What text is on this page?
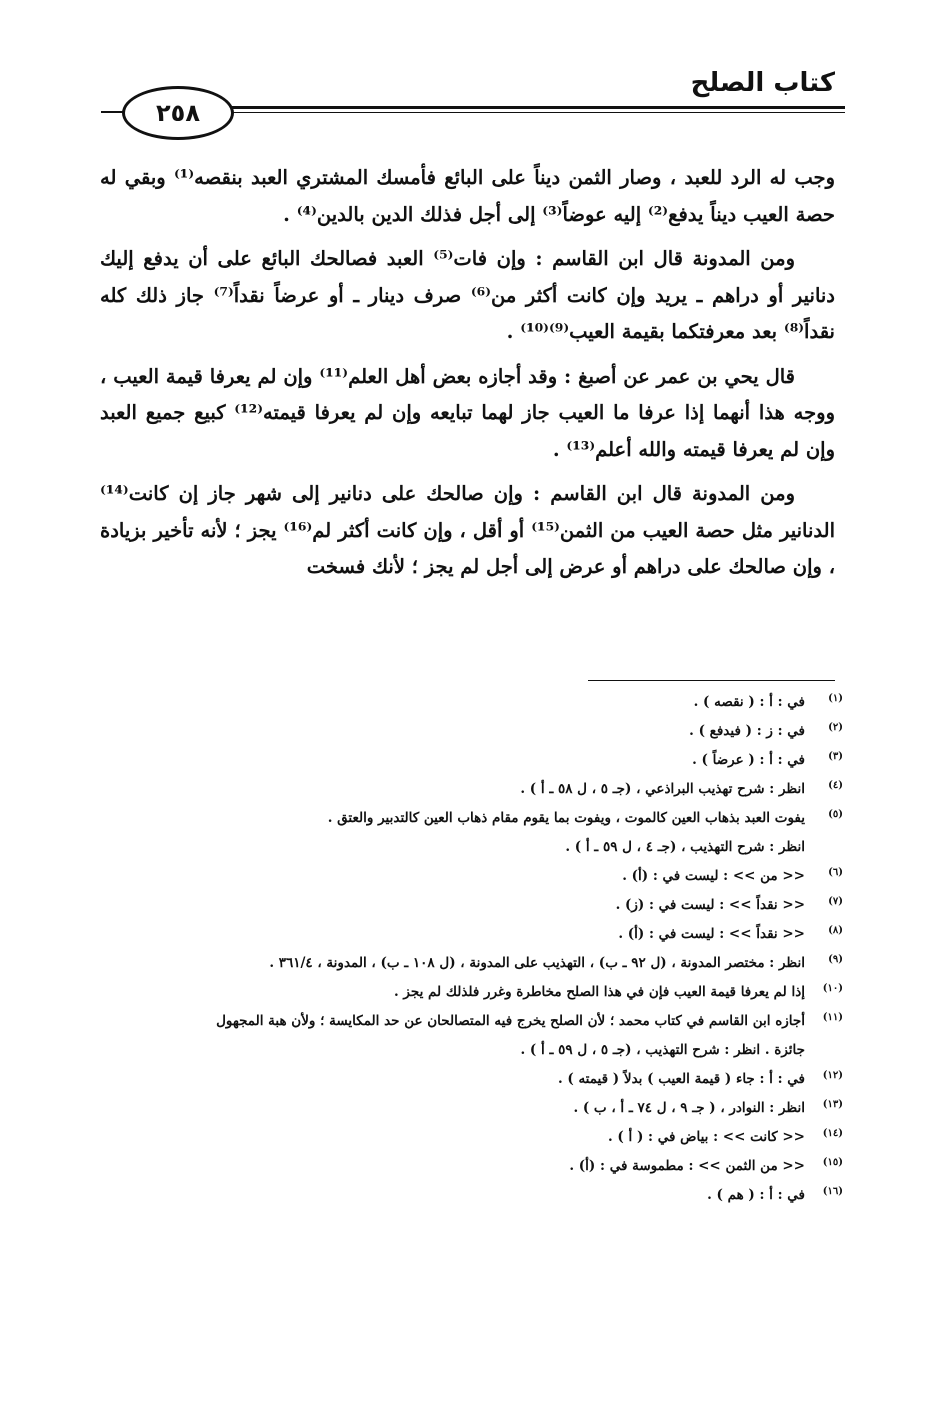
كتاب الصلح
٢٥٨

وجب له الرد للعبد ، وصار الثمن ديناً على البائع فأمسك المشتري العبد بنقصه⁽¹⁾ وبقي له حصة العيب ديناً يدفع⁽²⁾ إليه عوضاً⁽³⁾ إلى أجل فذلك الدين بالدين⁽⁴⁾ .

ومن المدونة قال ابن القاسم : وإن فات⁽⁵⁾ العبد فصالحك البائع على أن يدفع إليك دنانير أو دراهم ـ يريد وإن كانت أكثر من⁽⁶⁾ صرف دينار ـ أو عرضاً نقداً⁽⁷⁾ جاز ذلك كله نقداً⁽⁸⁾ بعد معرفتكما بقيمة العيب⁽⁹⁾⁽¹⁰⁾ .

قال يحي بن عمر عن أصبغ : وقد أجازه بعض أهل العلم⁽¹¹⁾ وإن لم يعرفا قيمة العيب ، ووجه هذا أنهما إذا عرفا ما العيب جاز لهما تبايعه وإن لم يعرفا قيمته⁽¹²⁾ كبيع جميع العبد وإن لم يعرفا قيمته والله أعلم⁽¹³⁾ .

ومن المدونة قال ابن القاسم : وإن صالحك على دنانير إلى شهر جاز إن كانت⁽¹⁴⁾ الدنانير مثل حصة العيب من الثمن⁽¹⁵⁾ أو أقل ، وإن كانت أكثر لم⁽¹⁶⁾ يجز ؛ لأنه تأخير بزيادة ، وإن صالحك على دراهم أو عرض إلى أجل لم يجز ؛ لأنك فسخت

(١)
في : أ : ( نقصه ) .
(٢)
في : ز : ( فيدفع ) .
(٣)
في : أ : ( عرضاً ) .
(٤)
انظر : شرح تهذيب البراذعي ، (جـ ٥ ، ل ٥٨ ـ أ ) .
(٥)
يفوت العبد بذهاب العين كالموت ، ويفوت بما يقوم مقام ذهاب العين كالتدبير والعتق .
انظر : شرح التهذيب ، (جـ ٤ ، ل ٥٩ ـ أ ) .
(٦)
<< من >> : ليست في : (أ) .
(٧)
<< نقداً >> : ليست في : (ز) .
(٨)
<< نقداً >> : ليست في : (أ) .
(٩)
انظر : مختصر المدونة ، (ل ٩٢ ـ ب) ، التهذيب على المدونة ، (ل ١٠٨ ـ ب) ، المدونة ، ٣٦١/٤ .
(١٠)
إذا لم يعرفا قيمة العيب فإن في هذا الصلح مخاطرة وغرر فلذلك لم يجز .
(١١)
أجازه ابن القاسم في كتاب محمد ؛ لأن الصلح يخرج فيه المتصالحان عن حد المكايسة ؛ ولأن هبة المجهول
جائزة . انظر : شرح التهذيب ، (جـ ٥ ، ل ٥٩ ـ أ ) .
(١٢)
في : أ : جاء ( قيمة العيب ) بدلاً ( قيمته ) .
(١٣)
انظر : النوادر ، ( جـ ٩ ، ل ٧٤ ـ أ ، ب ) .
(١٤)
<< كانت >> : بياض في : ( أ ) .
(١٥)
<< من الثمن >> : مطموسة في : (أ) .
(١٦)
في : أ : ( هم ) .
